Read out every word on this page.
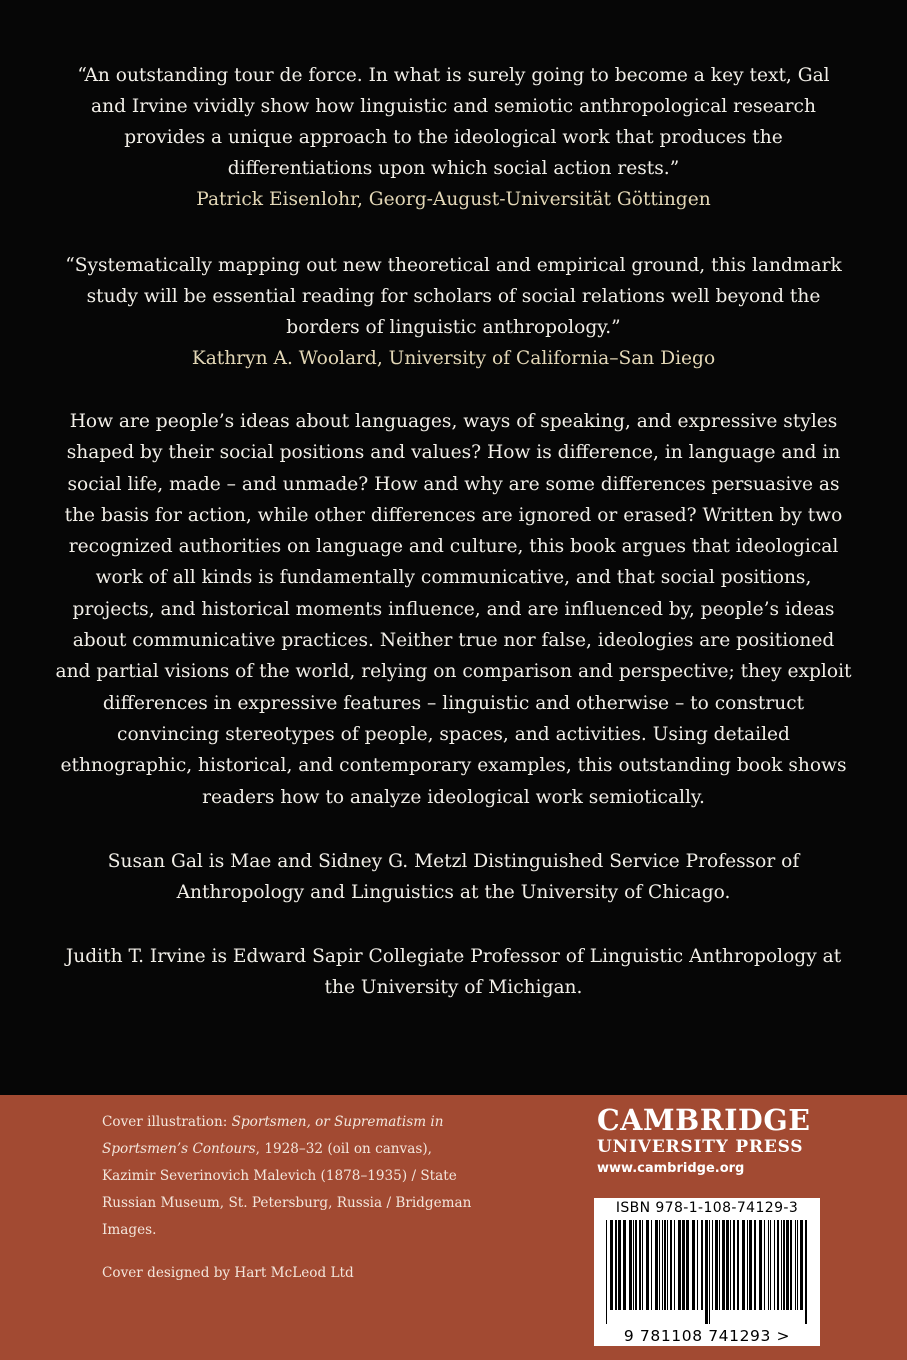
“An outstanding tour de force. In what is surely going to become a key text, Gal and Irvine vividly show how linguistic and semiotic anthropological research provides a unique approach to the ideological work that produces the differentiations upon which social action rests.”
Patrick Eisenlohr, Georg-August-Universität Göttingen
“Systematically mapping out new theoretical and empirical ground, this landmark study will be essential reading for scholars of social relations well beyond the borders of linguistic anthropology.”
Kathryn A. Woolard, University of California–San Diego
How are people’s ideas about languages, ways of speaking, and expressive styles shaped by their social positions and values? How is difference, in language and in social life, made – and unmade? How and why are some differences persuasive as the basis for action, while other differences are ignored or erased? Written by two recognized authorities on language and culture, this book argues that ideological work of all kinds is fundamentally communicative, and that social positions, projects, and historical moments influence, and are influenced by, people’s ideas about communicative practices. Neither true nor false, ideologies are positioned and partial visions of the world, relying on comparison and perspective; they exploit differences in expressive features – linguistic and otherwise – to construct convincing stereotypes of people, spaces, and activities. Using detailed ethnographic, historical, and contemporary examples, this outstanding book shows readers how to analyze ideological work semiotically.
Susan Gal is Mae and Sidney G. Metzl Distinguished Service Professor of Anthropology and Linguistics at the University of Chicago.
Judith T. Irvine is Edward Sapir Collegiate Professor of Linguistic Anthropology at the University of Michigan.
Cover illustration: Sportsmen, or Suprematism in Sportsmen’s Contours, 1928–32 (oil on canvas), Kazimir Severinovich Malevich (1878–1935) / State Russian Museum, St. Petersburg, Russia / Bridgeman Images.
Cover designed by Hart McLeod Ltd
CAMBRIDGE
UNIVERSITY PRESS
www.cambridge.org
ISBN 978-1-108-74129-3
9 781108 741293 >
